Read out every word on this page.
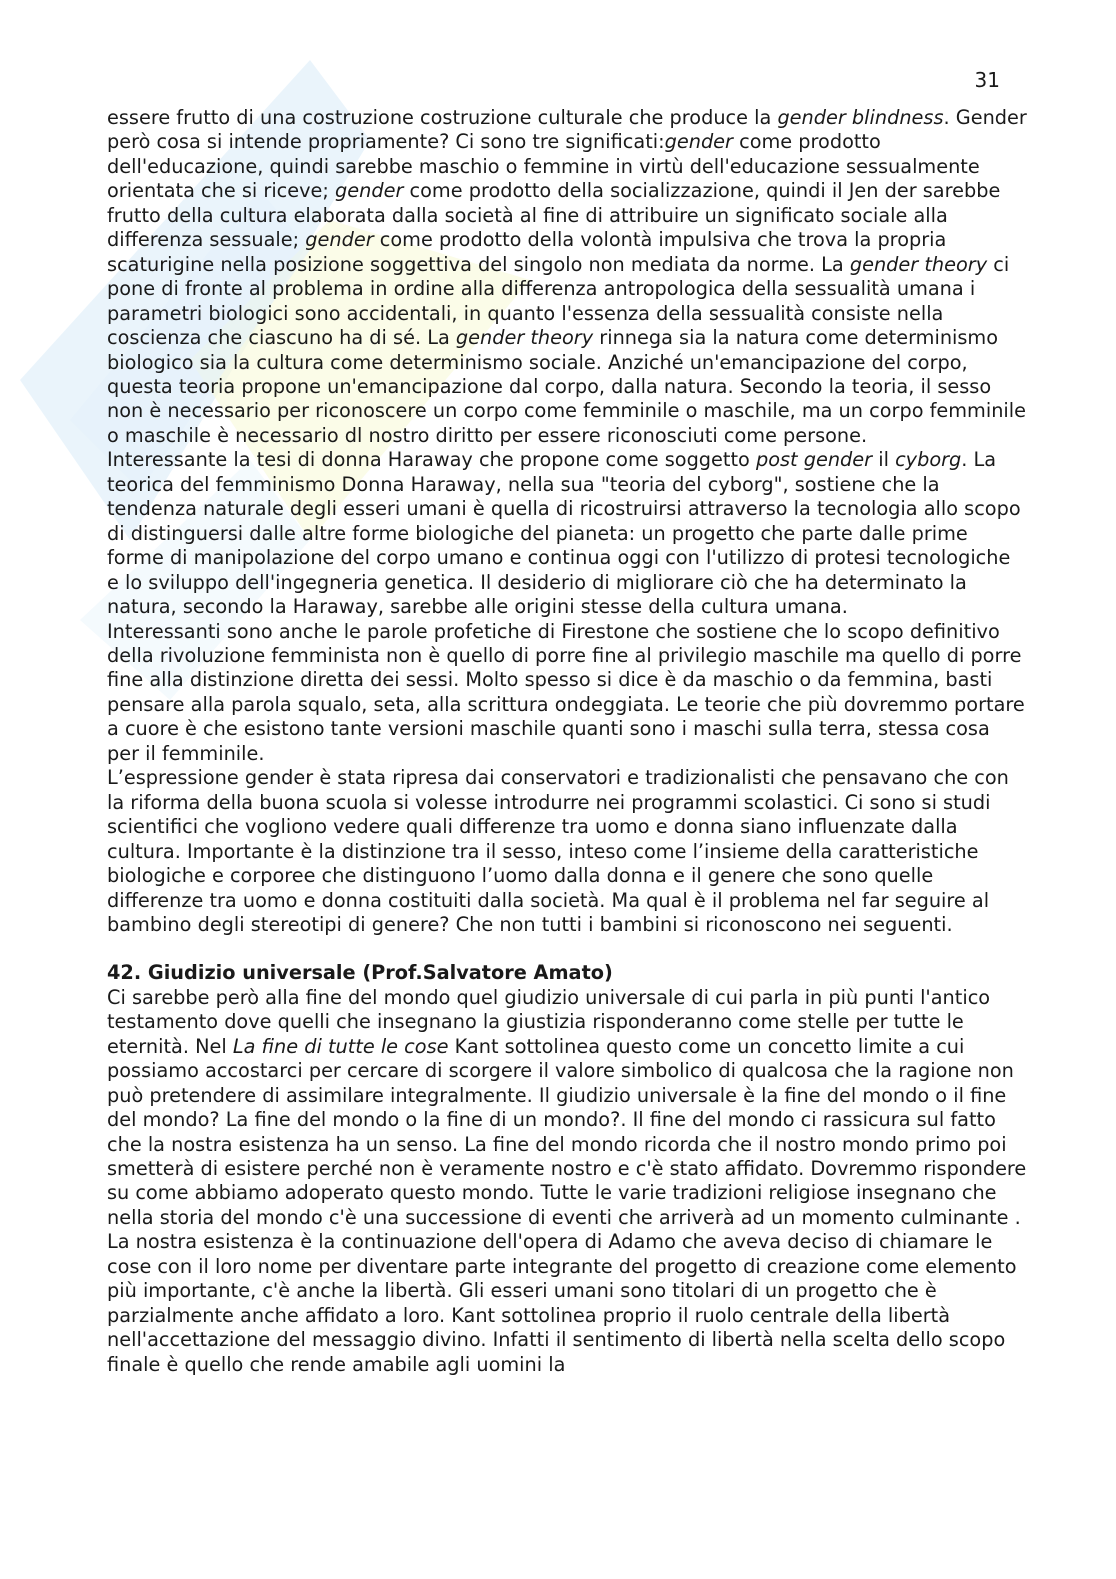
31

essere frutto di una costruzione costruzione culturale che produce la gender blindness. Gender però cosa si intende propriamente? Ci sono tre significati:gender come prodotto dell'educazione, quindi sarebbe maschio o femmine in virtù dell'educazione sessualmente orientata che si riceve; gender come prodotto della socializzazione, quindi il Jen der sarebbe frutto della cultura elaborata dalla società al fine di attribuire un significato sociale alla differenza sessuale; gender come prodotto della volontà impulsiva che trova la propria scaturigine nella posizione soggettiva del singolo non mediata da norme. La gender theory ci pone di fronte al problema in ordine alla differenza antropologica della sessualità umana i parametri biologici sono accidentali, in quanto l'essenza della sessualità consiste nella coscienza che ciascuno ha di sé. La gender theory rinnega sia la natura come determinismo biologico sia la cultura come determinismo sociale. Anziché un'emancipazione del corpo, questa teoria propone un'emancipazione dal corpo, dalla natura. Secondo la teoria, il sesso non è necessario per riconoscere un corpo come femminile o maschile, ma un corpo femminile o maschile è necessario dl nostro diritto per essere riconosciuti come persone.

Interessante la tesi di donna Haraway che propone come soggetto post gender il cyborg. La teorica del femminismo Donna Haraway, nella sua "teoria del cyborg", sostiene che la tendenza naturale degli esseri umani è quella di ricostruirsi attraverso la tecnologia allo scopo di distinguersi dalle altre forme biologiche del pianeta: un progetto che parte dalle prime forme di manipolazione del corpo umano e continua oggi con l'utilizzo di protesi tecnologiche e lo sviluppo dell'ingegneria genetica. Il desiderio di migliorare ciò che ha determinato la natura, secondo la Haraway, sarebbe alle origini stesse della cultura umana.

Interessanti sono anche le parole profetiche di Firestone che sostiene che lo scopo definitivo della rivoluzione femminista non è quello di porre fine al privilegio maschile ma quello di porre fine alla distinzione diretta dei sessi. Molto spesso si dice è da maschio o da femmina, basti pensare alla parola squalo, seta, alla scrittura ondeggiata. Le teorie che più dovremmo portare a cuore è che esistono tante versioni maschile quanti sono i maschi sulla terra, stessa cosa per il femminile.

L’espressione gender è stata ripresa dai conservatori e tradizionalisti che pensavano che con la riforma della buona scuola si volesse introdurre nei programmi scolastici. Ci sono si studi scientifici che vogliono vedere quali differenze tra uomo e donna siano influenzate dalla cultura. Importante è la distinzione tra il sesso, inteso come l’insieme della caratteristiche biologiche e corporee che distinguono l’uomo dalla donna e il genere che sono quelle differenze tra uomo e donna costituiti dalla società. Ma qual è il problema nel far seguire al bambino degli stereotipi di genere? Che non tutti i bambini si riconoscono nei seguenti.

42. Giudizio universale (Prof.Salvatore Amato)

Ci sarebbe però alla fine del mondo quel giudizio universale di cui parla in più punti l'antico testamento dove quelli che insegnano la giustizia risponderanno come stelle per tutte le eternità. Nel La fine di tutte le cose Kant sottolinea questo come un concetto limite a cui possiamo accostarci per cercare di scorgere il valore simbolico di qualcosa che la ragione non può pretendere di assimilare integralmente. Il giudizio universale è la fine del mondo o il fine del mondo? La fine del mondo o la fine di un mondo?. Il fine del mondo ci rassicura sul fatto che la nostra esistenza ha un senso. La fine del mondo ricorda che il nostro mondo primo poi smetterà di esistere perché non è veramente nostro e c'è stato affidato. Dovremmo rispondere su come abbiamo adoperato questo mondo. Tutte le varie tradizioni religiose insegnano che nella storia del mondo c'è una successione di eventi che arriverà ad un momento culminante . La nostra esistenza è la continuazione dell'opera di Adamo che aveva deciso di chiamare le cose con il loro nome per diventare parte integrante del progetto di creazione come elemento più importante, c'è anche la libertà. Gli esseri umani sono titolari di un progetto che è parzialmente anche affidato a loro. Kant sottolinea proprio il ruolo centrale della libertà nell'accettazione del messaggio divino. Infatti il sentimento di libertà nella scelta dello scopo finale è quello che rende amabile agli uomini la
